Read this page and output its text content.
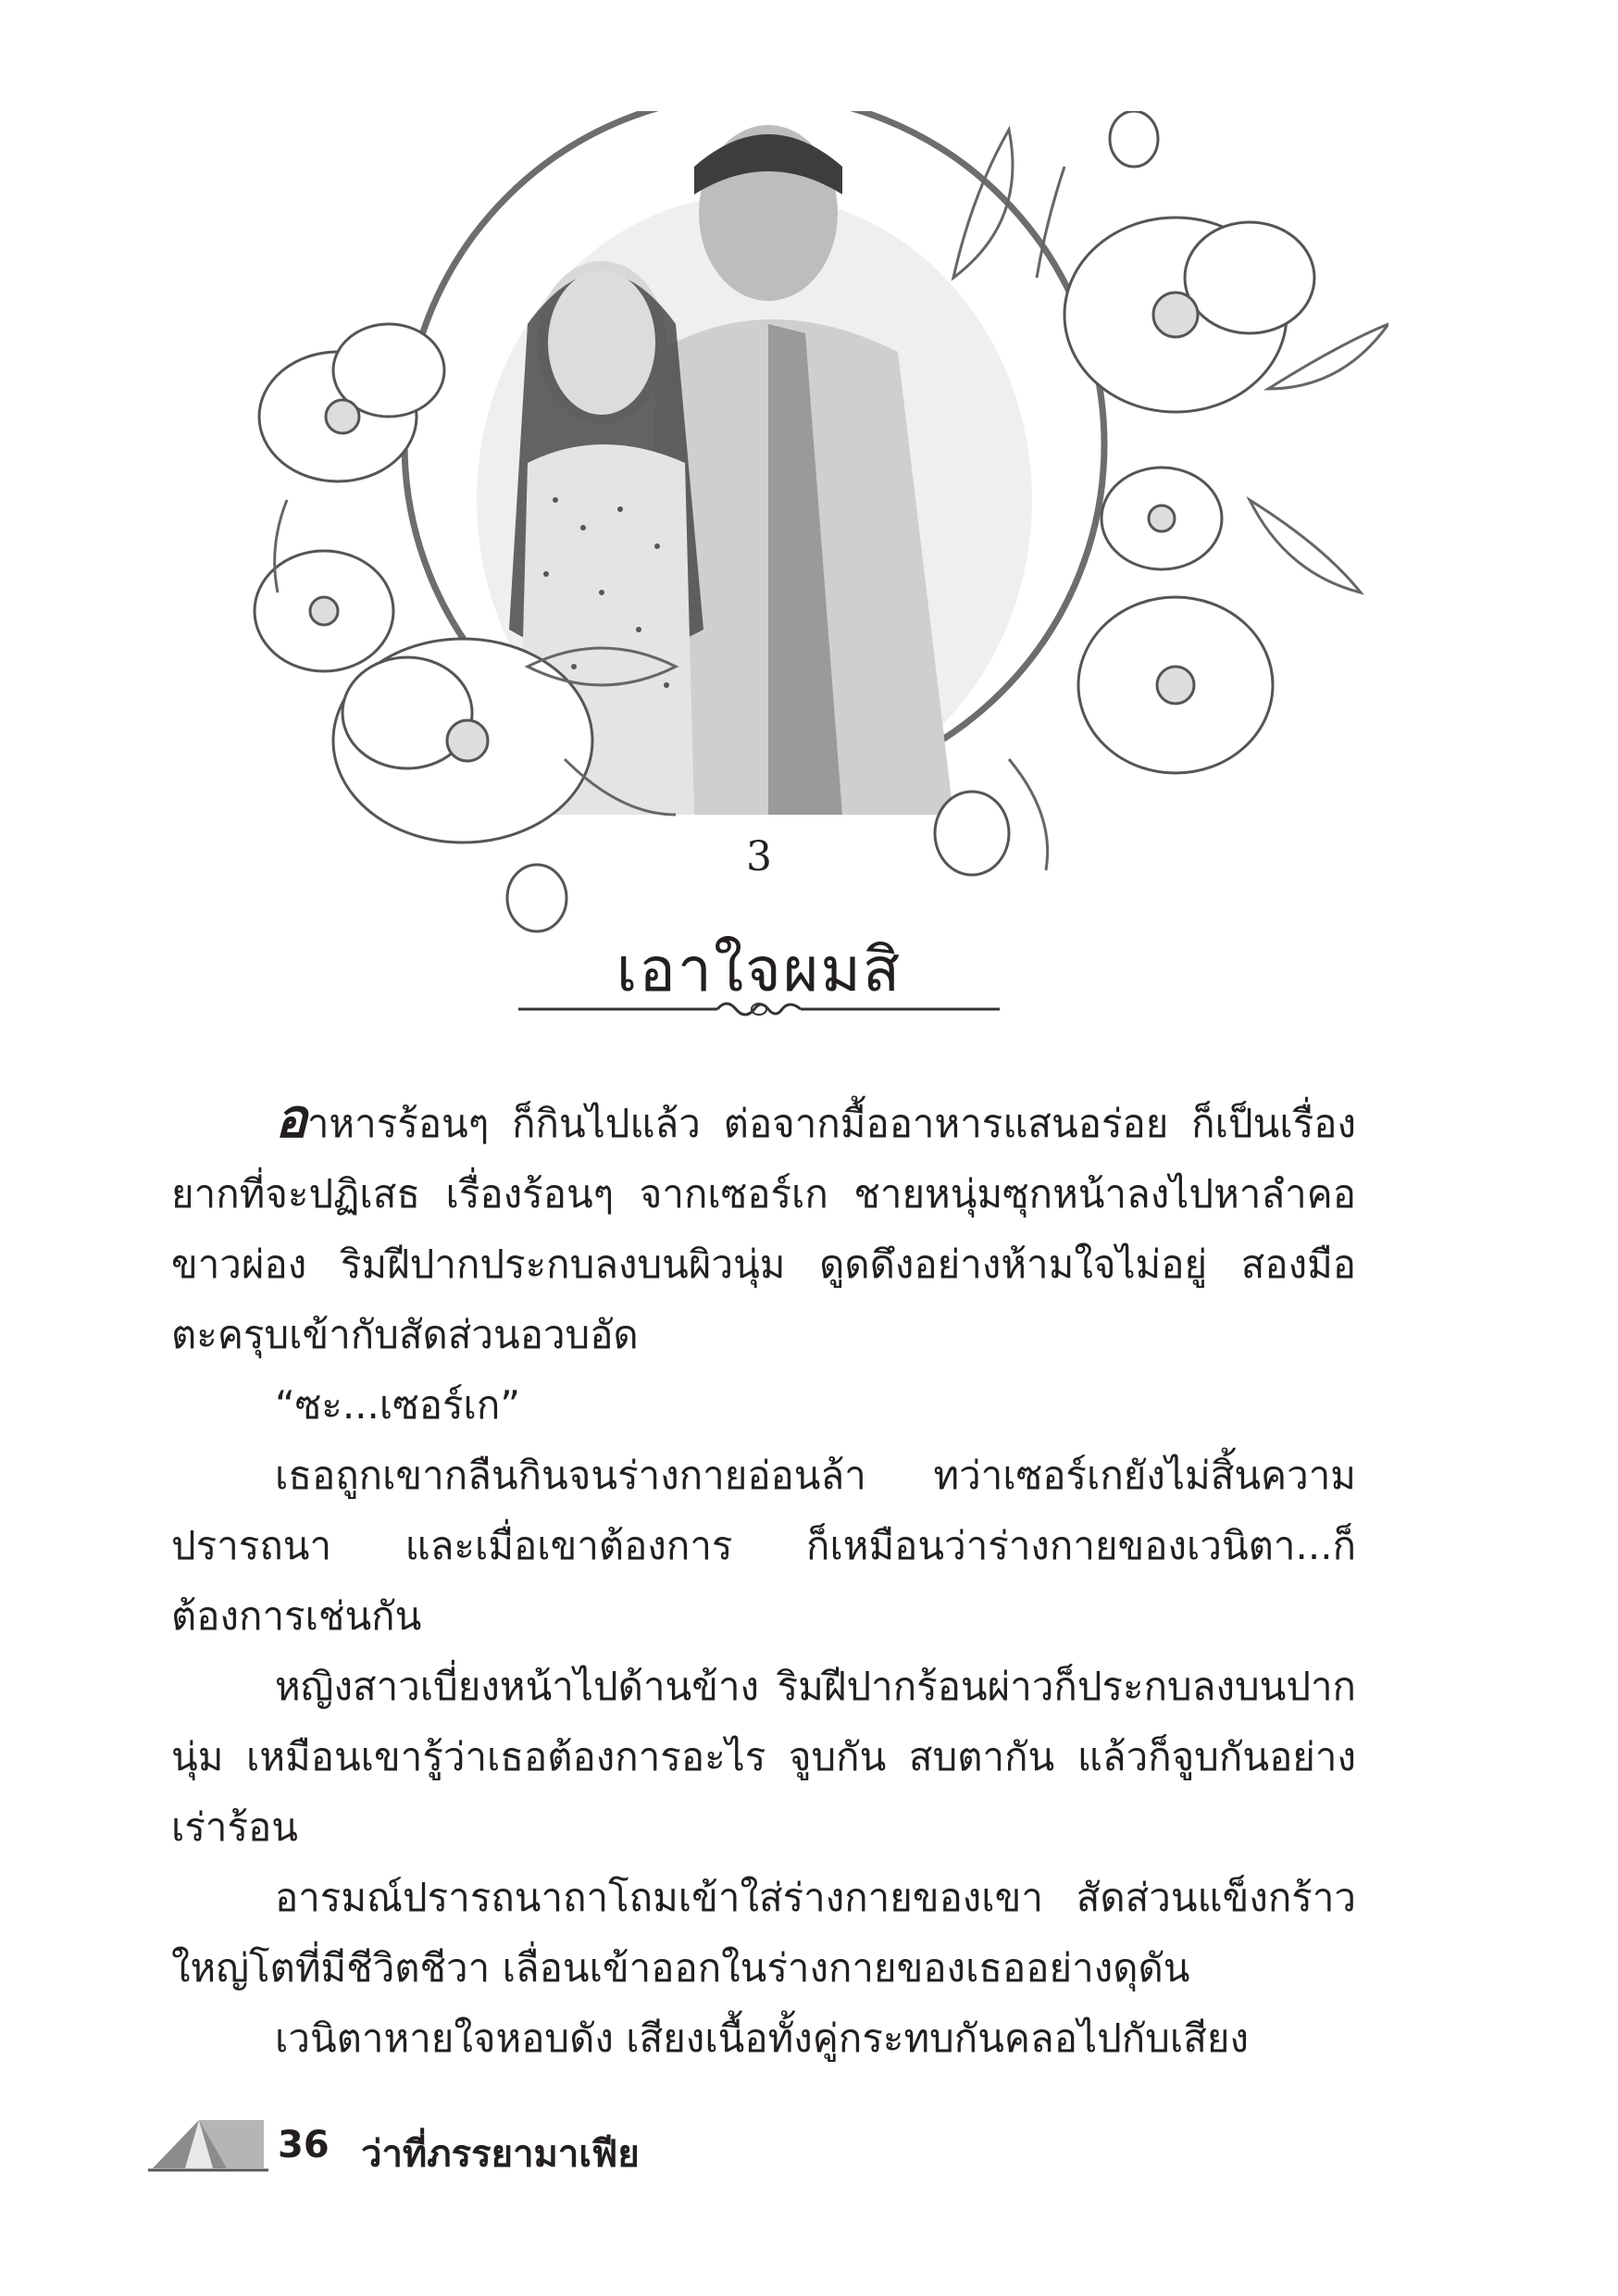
3
เอาใจผมสิ

อาหารร้อนๆ ก็กินไปแล้ว ต่อจากมื้ออาหารแสนอร่อย ก็เป็นเรื่องยากที่จะปฏิเสธ เรื่องร้อนๆ จากเซอร์เก ชายหนุ่มซุกหน้าลงไปหาลำคอขาวผ่อง ริมฝีปากประกบลงบนผิวนุ่ม ดูดดึงอย่างห้ามใจไม่อยู่ สองมือตะครุบเข้ากับสัดส่วนอวบอัด

“ซะ...เซอร์เก”

เธอถูกเขากลืนกินจนร่างกายอ่อนล้า ทว่าเซอร์เกยังไม่สิ้นความปรารถนา และเมื่อเขาต้องการ ก็เหมือนว่าร่างกายของเวนิตา...ก็ต้องการเช่นกัน

หญิงสาวเบี่ยงหน้าไปด้านข้าง ริมฝีปากร้อนผ่าวก็ประกบลงบนปากนุ่ม เหมือนเขารู้ว่าเธอต้องการอะไร จูบกัน สบตากัน แล้วก็จูบกันอย่างเร่าร้อน

อารมณ์ปรารถนาถาโถมเข้าใส่ร่างกายของเขา สัดส่วนแข็งกร้าวใหญ่โตที่มีชีวิตชีวา เลื่อนเข้าออกในร่างกายของเธออย่างดุดัน

เวนิตาหายใจหอบดัง เสียงเนื้อทั้งคู่กระทบกันคลอไปกับเสียง

36 ว่าที่ภรรยามาเฟีย
